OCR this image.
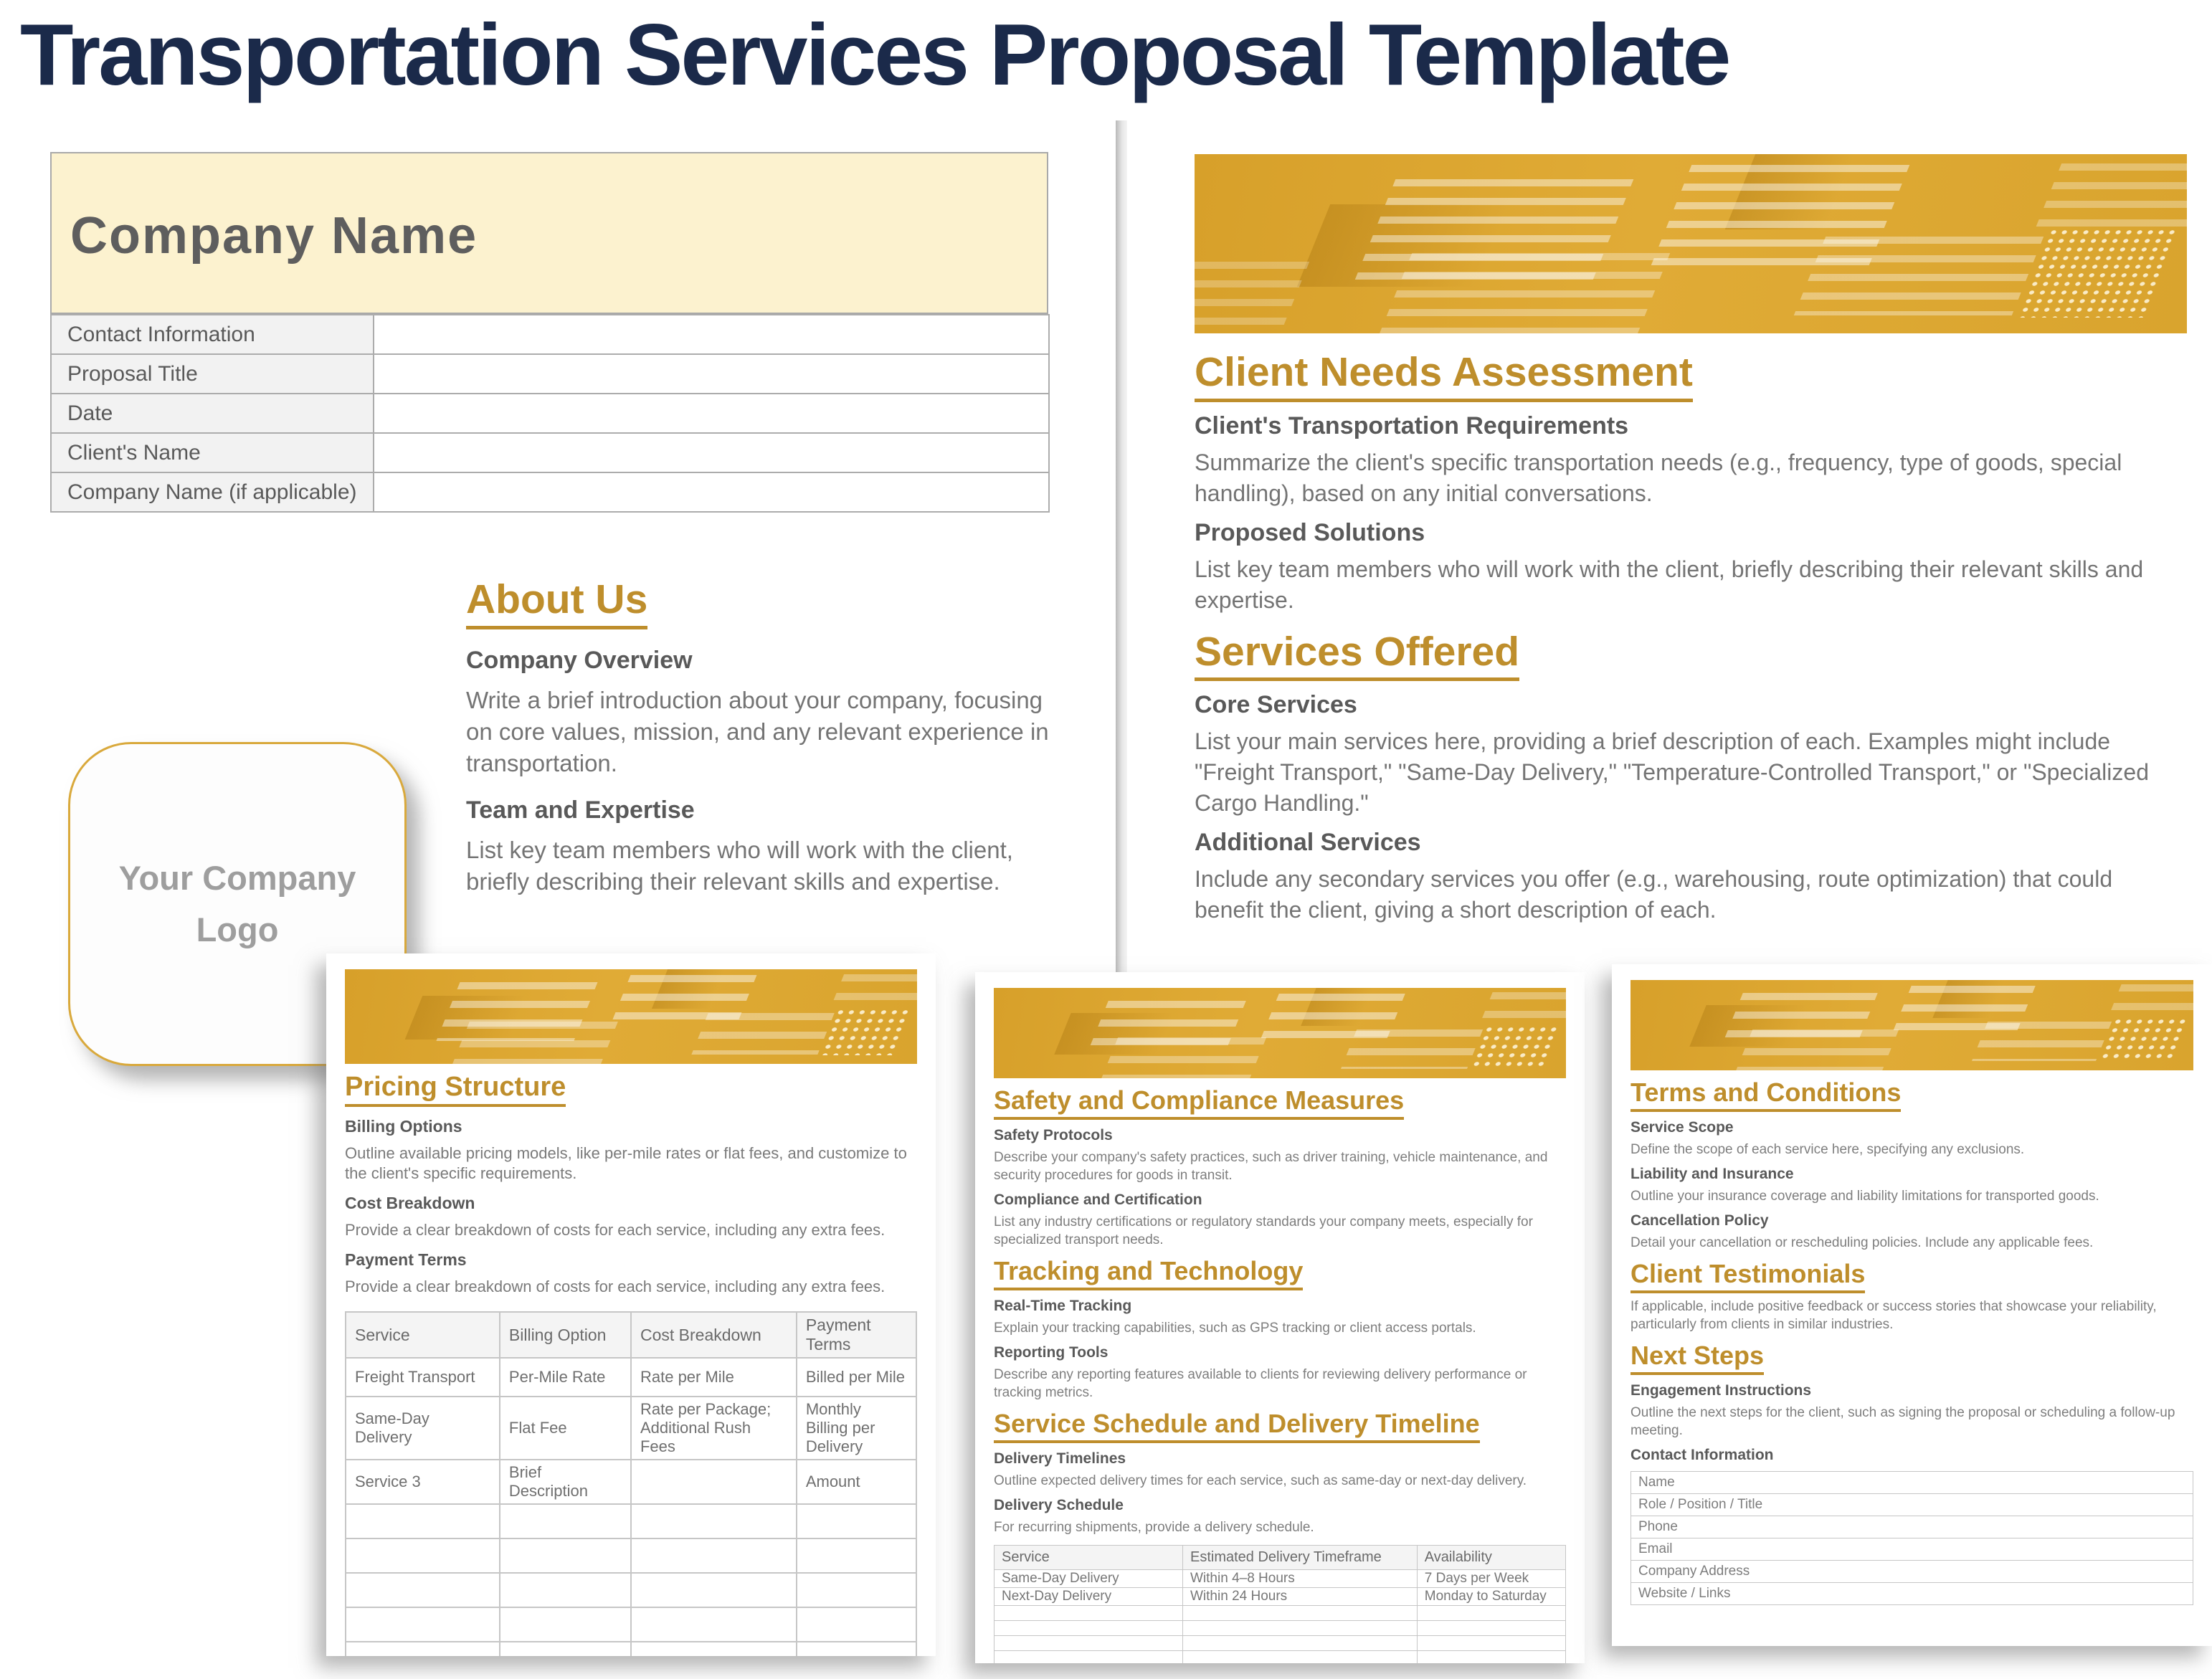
Transportation Services Proposal Template
Company Name
Contact Information	
Proposal Title	
Date	
Client's Name	
Company Name (if applicable)	
About Us
Company Overview
Write a brief introduction about your company, focusing on core values, mission, and any relevant experience in transportation.
Team and Expertise
List key team members who will work with the client, briefly describing their relevant skills and expertise.
Your Company
Logo
Client Needs Assessment
Client's Transportation Requirements
Summarize the client's specific transportation needs (e.g., frequency, type of goods, special handling), based on any initial conversations.
Proposed Solutions
List key team members who will work with the client, briefly describing their relevant skills and expertise.
Services Offered
Core Services
List your main services here, providing a brief description of each. Examples might include "Freight Transport," "Same-Day Delivery," "Temperature-Controlled Transport," or "Specialized Cargo Handling."
Additional Services
Include any secondary services you offer (e.g., warehousing, route optimization) that could benefit the client, giving a short description of each.
Pricing Structure
Billing Options
Outline available pricing models, like per-mile rates or flat fees, and customize to the client's specific requirements.
Cost Breakdown
Provide a clear breakdown of costs for each service, including any extra fees.
Payment Terms
Provide a clear breakdown of costs for each service, including any extra fees.
Service	Billing Option	Cost Breakdown	Payment Terms
Freight Transport	Per-Mile Rate	Rate per Mile	Billed per Mile
Same-Day Delivery	Flat Fee	Rate per Package; Additional Rush Fees	Monthly Billing per Delivery
Service 3	Brief Description		Amount

Safety and Compliance Measures
Safety Protocols
Describe your company's safety practices, such as driver training, vehicle maintenance, and security procedures for goods in transit.
Compliance and Certification
List any industry certifications or regulatory standards your company meets, especially for specialized transport needs.
Tracking and Technology
Real-Time Tracking
Explain your tracking capabilities, such as GPS tracking or client access portals.
Reporting Tools
Describe any reporting features available to clients for reviewing delivery performance or tracking metrics.
Service Schedule and Delivery Timeline
Delivery Timelines
Outline expected delivery times for each service, such as same-day or next-day delivery.
Delivery Schedule
For recurring shipments, provide a delivery schedule.
Service	Estimated Delivery Timeframe	Availability
Same-Day Delivery	Within 4–8 Hours	7 Days per Week
Next-Day Delivery	Within 24 Hours	Monday to Saturday

Terms and Conditions
Service Scope
Define the scope of each service here, specifying any exclusions.
Liability and Insurance
Outline your insurance coverage and liability limitations for transported goods.
Cancellation Policy
Detail your cancellation or rescheduling policies. Include any applicable fees.
Client Testimonials
If applicable, include positive feedback or success stories that showcase your reliability, particularly from clients in similar industries.
Next Steps
Engagement Instructions
Outline the next steps for the client, such as signing the proposal or scheduling a follow-up meeting.
Contact Information
Name
Role / Position / Title
Phone
Email
Company Address
Website / Links
